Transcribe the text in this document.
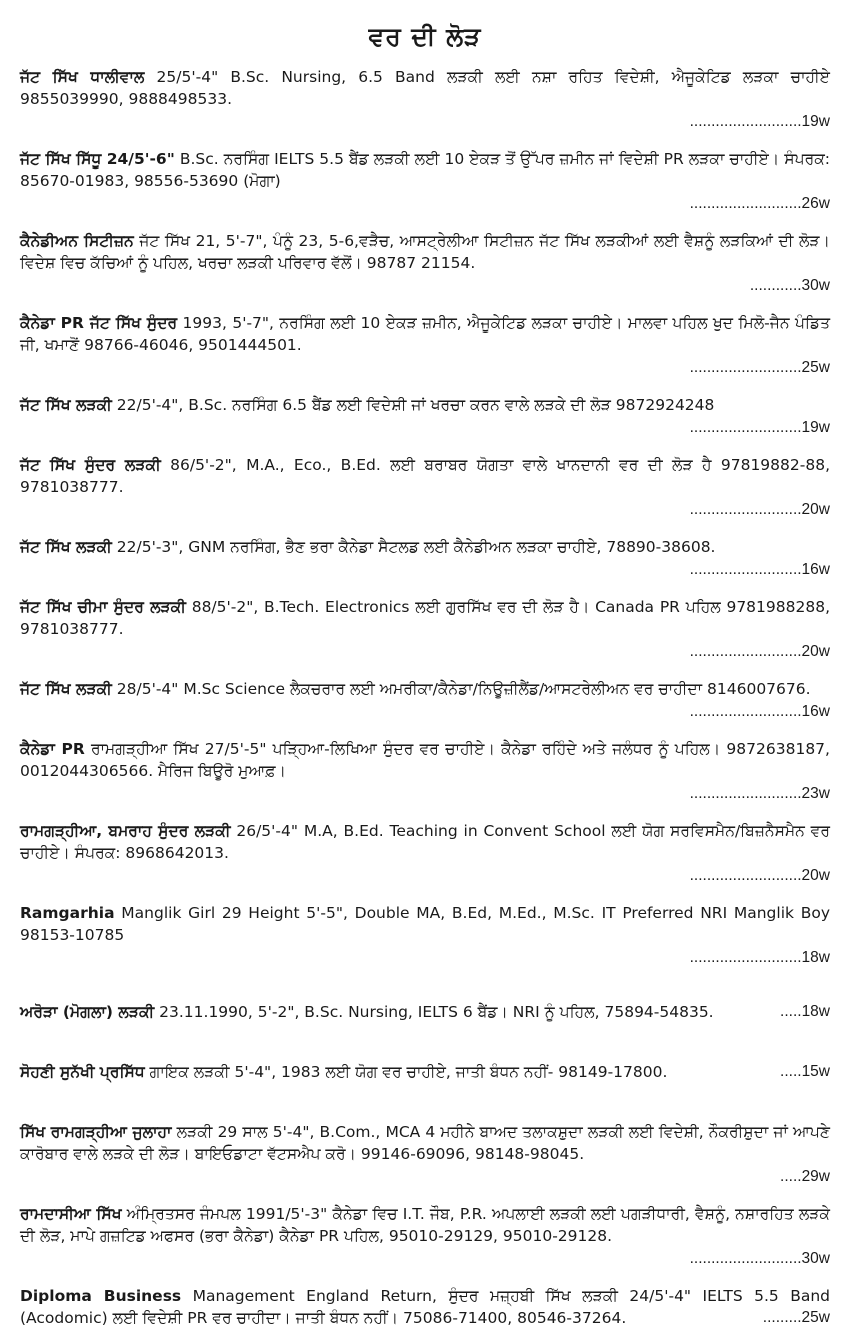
ਵਰ ਦੀ ਲੋੜ
ਜੱਟ ਸਿੱਖ ਧਾਲੀਵਾਲ 25/5'-4" B.Sc. Nursing, 6.5 Band ਲੜਕੀ ਲਈ ਨਸ਼ਾ ਰਹਿਤ ਵਿਦੇਸ਼ੀ, ਐਜੂਕੇਟਿਡ ਲੜਕਾ ਚਾਹੀਏ 9855039990, 9888498533.
..........................19w
ਜੱਟ ਸਿੱਖ ਸਿੱਧੂ 24/5'-6" B.Sc. ਨਰਸਿੰਗ IELTS 5.5 ਬੈਂਡ ਲੜਕੀ ਲਈ 10 ਏਕੜ ਤੋਂ ਉੱਪਰ ਜ਼ਮੀਨ ਜਾਂ ਵਿਦੇਸ਼ੀ PR ਲੜਕਾ ਚਾਹੀਏ। ਸੰਪਰਕ: 85670-01983, 98556-53690 (ਮੋਗਾ)
..........................26w
ਕੈਨੇਡੀਅਨ ਸਿਟੀਜ਼ਨ ਜੱਟ ਸਿੱਖ 21, 5'-7", ਪੰਨੂੰ 23, 5-6,ਵੜੈਚ, ਆਸਟ੍ਰੇਲੀਆ ਸਿਟੀਜ਼ਨ ਜੱਟ ਸਿੱਖ ਲੜਕੀਆਂ ਲਈ ਵੈਸ਼ਨੂੰ ਲੜਕਿਆਂ ਦੀ ਲੋੜ। ਵਿਦੇਸ਼ ਵਿਚ ਕੱਚਿਆਂ ਨੂੰ ਪਹਿਲ, ਖਰਚਾ ਲੜਕੀ ਪਰਿਵਾਰ ਵੱਲੋਂ। 98787 21154.
............30w
ਕੈਨੇਡਾ PR ਜੱਟ ਸਿੱਖ ਸੁੰਦਰ 1993, 5'-7", ਨਰਸਿੰਗ ਲਈ 10 ਏਕੜ ਜ਼ਮੀਨ, ਐਜੂਕੇਟਿਡ ਲੜਕਾ ਚਾਹੀਏ। ਮਾਲਵਾ ਪਹਿਲ ਖੁਦ ਮਿਲੋ-ਜੈਨ ਪੰਡਿਤ ਜੀ, ਖਮਾਣੋਂ 98766-46046, 9501444501.
..........................25w
ਜੱਟ ਸਿੱਖ ਲੜਕੀ 22/5'-4", B.Sc. ਨਰਸਿੰਗ 6.5 ਬੈਂਡ ਲਈ ਵਿਦੇਸ਼ੀ ਜਾਂ ਖਰਚਾ ਕਰਨ ਵਾਲੇ ਲੜਕੇ ਦੀ ਲੋੜ 9872924248
..........................19w
ਜੱਟ ਸਿੱਖ ਸੁੰਦਰ ਲੜਕੀ 86/5'-2", M.A., Eco., B.Ed. ਲਈ ਬਰਾਬਰ ਯੋਗਤਾ ਵਾਲੇ ਖਾਨਦਾਨੀ ਵਰ ਦੀ ਲੋੜ ਹੈ 97819882-88, 9781038777.
..........................20w
ਜੱਟ ਸਿੱਖ ਲੜਕੀ 22/5'-3", GNM ਨਰਸਿੰਗ, ਭੈਣ ਭਰਾ ਕੈਨੇਡਾ ਸੈਟਲਡ ਲਈ ਕੈਨੇਡੀਅਨ ਲੜਕਾ ਚਾਹੀਏ, 78890-38608.
..........................16w
ਜੱਟ ਸਿੱਖ ਚੀਮਾ ਸੁੰਦਰ ਲੜਕੀ 88/5'-2", B.Tech. Electronics ਲਈ ਗੁਰਸਿੱਖ ਵਰ ਦੀ ਲੋੜ ਹੈ। Canada PR ਪਹਿਲ 9781988288, 9781038777.
..........................20w
ਜੱਟ ਸਿੱਖ ਲੜਕੀ 28/5'-4" M.Sc Science ਲੈਕਚਰਾਰ ਲਈ ਅਮਰੀਕਾ/ਕੈਨੇਡਾ/ਨਿਊਜ਼ੀਲੈਂਡ/ਆਸਟਰੇਲੀਅਨ ਵਰ ਚਾਹੀਦਾ 8146007676.
..........................16w
ਕੈਨੇਡਾ PR ਰਾਮਗੜ੍ਹੀਆ ਸਿੱਖ 27/5'-5" ਪੜ੍ਹਿਆ-ਲਿਖਿਆ ਸੁੰਦਰ ਵਰ ਚਾਹੀਏ। ਕੈਨੇਡਾ ਰਹਿੰਦੇ ਅਤੇ ਜਲੰਧਰ ਨੂੰ ਪਹਿਲ। 9872638187, 0012044306566. ਮੈਰਿਜ ਬਿਊਰੋ ਮੁਆਫ਼।
..........................23w
ਰਾਮਗੜ੍ਹੀਆ, ਬਮਰਾਹ ਸੁੰਦਰ ਲੜਕੀ 26/5'-4" M.A, B.Ed. Teaching in Convent School ਲਈ ਯੋਗ ਸਰਵਿਸਮੈਨ/ਬਿਜ਼ਨੈਸਮੈਨ ਵਰ ਚਾਹੀਏ। ਸੰਪਰਕ: 8968642013.
..........................20w
Ramgarhia Manglik Girl 29 Height 5'-5", Double MA, B.Ed, M.Ed., M.Sc. IT Preferred NRI Manglik Boy 98153-10785
..........................18w
ਅਰੋੜਾ (ਮੋਗਲਾ) ਲੜਕੀ 23.11.1990, 5'-2", B.Sc. Nursing, IELTS 6 ਬੈਂਡ। NRI ਨੂੰ ਪਹਿਲ, 75894-54835.	.....18w
ਸੋਹਣੀ ਸੁਨੱਖੀ ਪ੍ਰਸਿੱਧ ਗਾਇਕ ਲੜਕੀ 5'-4", 1983 ਲਈ ਯੋਗ ਵਰ ਚਾਹੀਏ, ਜਾਤੀ ਬੰਧਨ ਨਹੀਂ- 98149-17800.	.....15w
ਸਿੱਖ ਰਾਮਗੜ੍ਹੀਆ ਜੁਲਾਹਾ ਲੜਕੀ 29 ਸਾਲ 5'-4", B.Com., MCA 4 ਮਹੀਨੇ ਬਾਅਦ ਤਲਾਕਸ਼ੁਦਾ ਲੜਕੀ ਲਈ ਵਿਦੇਸ਼ੀ, ਨੌਕਰੀਸ਼ੁਦਾ ਜਾਂ ਆਪਣੇ ਕਾਰੋਬਾਰ ਵਾਲੇ ਲੜਕੇ ਦੀ ਲੋੜ। ਬਾਇਓਡਾਟਾ ਵੱਟਸਐਪ ਕਰੋ। 99146-69096, 98148-98045.
.....29w
ਰਾਮਦਾਸੀਆ ਸਿੱਖ ਅੰਮ੍ਰਿਤਸਰ ਜੰਮਪਲ 1991/5'-3" ਕੈਨੇਡਾ ਵਿਚ I.T. ਜੌਬ, P.R. ਅਪਲਾਈ ਲੜਕੀ ਲਈ ਪਗੜੀਧਾਰੀ, ਵੈਸ਼ਨੂੰ, ਨਸ਼ਾਰਹਿਤ ਲੜਕੇ ਦੀ ਲੋੜ, ਮਾਪੇ ਗਜ਼ਟਿਡ ਅਫਸਰ (ਭਰਾ ਕੈਨੇਡਾ) ਕੈਨੇਡਾ PR ਪਹਿਲ, 95010-29129, 95010-29128.
..........................30w
Diploma Business Management England Return, ਸੁੰਦਰ ਮਜ਼੍ਹਬੀ ਸਿੱਖ ਲੜਕੀ 24/5'-4" IELTS 5.5 Band (Acodomic) ਲਈ ਵਿਦੇਸ਼ੀ PR ਵਰ ਚਾਹੀਦਾ। ਜਾਤੀ ਬੰਧਨ ਨਹੀਂ। 75086-71400, 80546-37264.	.........25w
